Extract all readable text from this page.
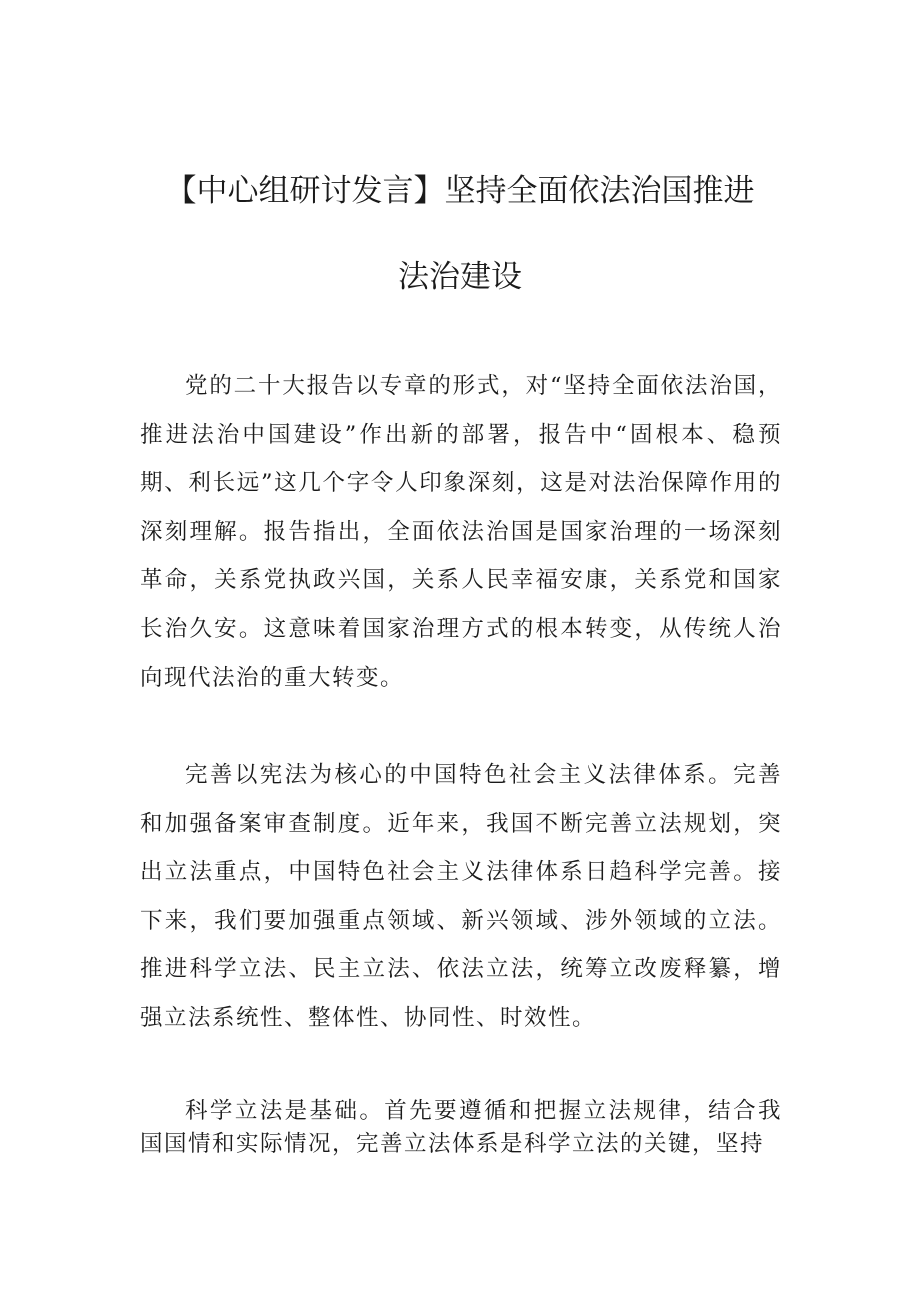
【中心组研讨发言】坚持全面依法治国推进
法治建设

党的二十大报告以专章的形式，对“坚持全面依法治国，推进法治中国建设”作出新的部署，报告中“固根本、稳预期、利长远”这几个字令人印象深刻，这是对法治保障作用的深刻理解。报告指出，全面依法治国是国家治理的一场深刻革命，关系党执政兴国，关系人民幸福安康，关系党和国家长治久安。这意味着国家治理方式的根本转变，从传统人治向现代法治的重大转变。

完善以宪法为核心的中国特色社会主义法律体系。完善和加强备案审查制度。近年来，我国不断完善立法规划，突出立法重点，中国特色社会主义法律体系日趋科学完善。接下来，我们要加强重点领域、新兴领域、涉外领域的立法。推进科学立法、民主立法、依法立法，统筹立改废释纂，增强立法系统性、整体性、协同性、时效性。

科学立法是基础。首先要遵循和把握立法规律，结合我国国情和实际情况，完善立法体系是科学立法的关键，坚持
